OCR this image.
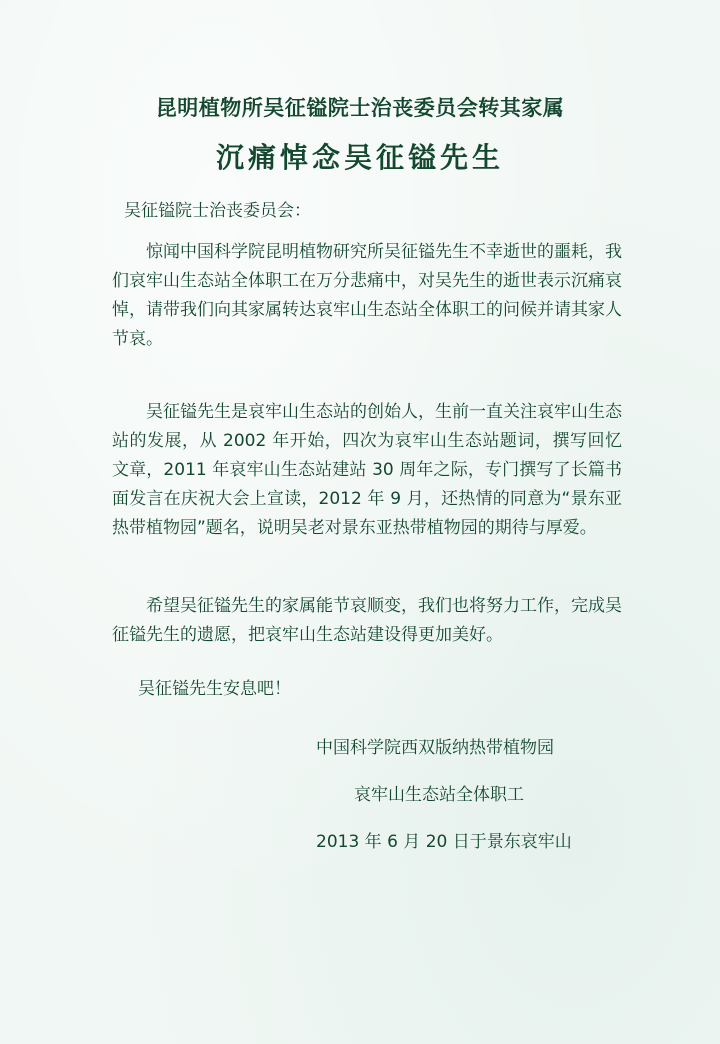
昆明植物所吴征镒院士治丧委员会转其家属
沉痛悼念吴征镒先生
吴征镒院士治丧委员会：

惊闻中国科学院昆明植物研究所吴征镒先生不幸逝世的噩耗，我们哀牢山生态站全体职工在万分悲痛中，对吴先生的逝世表示沉痛哀悼，请带我们向其家属转达哀牢山生态站全体职工的问候并请其家人节哀。

吴征镒先生是哀牢山生态站的创始人，生前一直关注哀牢山生态站的发展，从 2002 年开始，四次为哀牢山生态站题词，撰写回忆文章，2011 年哀牢山生态站建站 30 周年之际，专门撰写了长篇书面发言在庆祝大会上宣读，2012 年 9 月，还热情的同意为“景东亚热带植物园”题名，说明吴老对景东亚热带植物园的期待与厚爱。

希望吴征镒先生的家属能节哀顺变，我们也将努力工作，完成吴征镒先生的遗愿，把哀牢山生态站建设得更加美好。

吴征镒先生安息吧！
中国科学院西双版纳热带植物园
哀牢山生态站全体职工
2013 年 6 月 20 日于景东哀牢山
